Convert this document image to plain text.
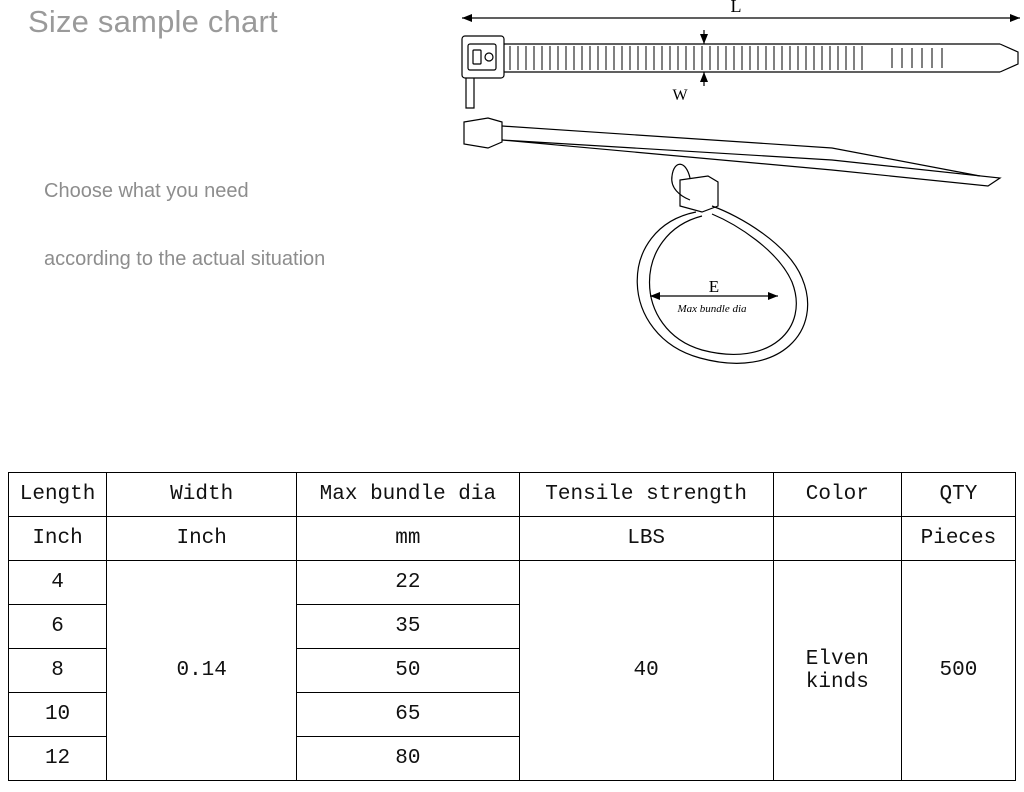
Size sample chart
Choose what you need
according to the actual situation
L
W
E
Max bundle dia
Length	Width	Max bundle dia	Tensile strength	Color	QTY
Inch	Inch	mm	LBS		Pieces
4	0.14	22	40	Elven kinds	500
6		35			
8		50			
10		65			
12		80			
